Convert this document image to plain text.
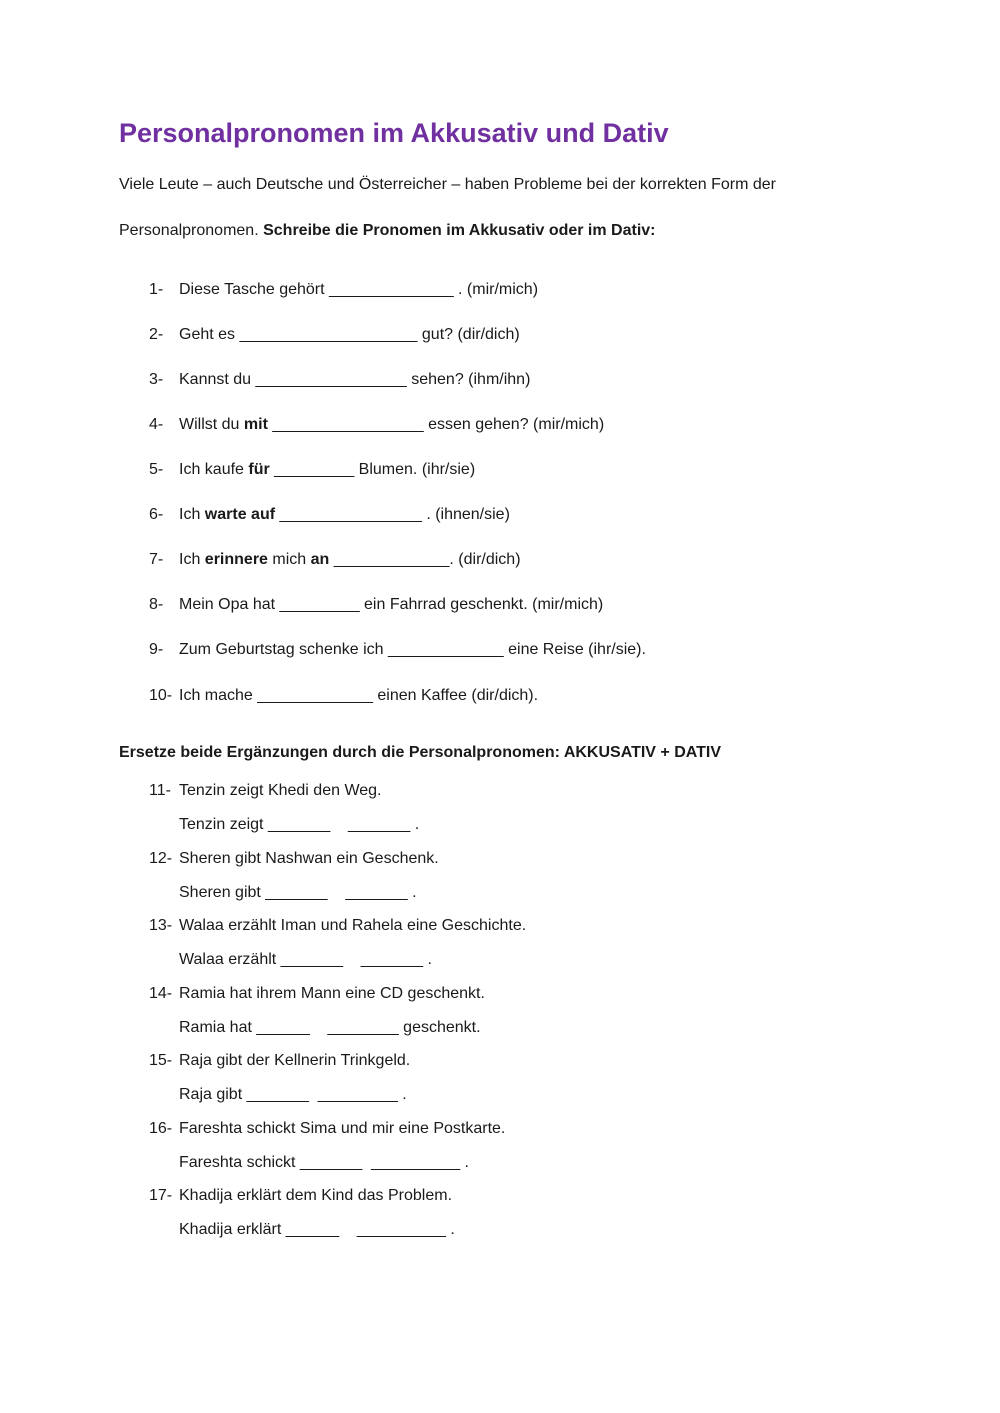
Personalpronomen im Akkusativ und Dativ
Viele Leute – auch Deutsche und Österreicher – haben Probleme bei der korrekten Form der
Personalpronomen. Schreibe die Pronomen im Akkusativ oder im Dativ:
1- Diese Tasche gehört ______________ . (mir/mich)
2- Geht es ____________________ gut? (dir/dich)
3- Kannst du _________________ sehen? (ihm/ihn)
4- Willst du mit _________________ essen gehen? (mir/mich)
5- Ich kaufe für _________ Blumen. (ihr/sie)
6- Ich warte auf ________________ . (ihnen/sie)
7- Ich erinnere mich an _____________. (dir/dich)
8- Mein Opa hat _________ ein Fahrrad geschenkt. (mir/mich)
9- Zum Geburtstag schenke ich _____________ eine Reise (ihr/sie).
10- Ich mache _____________ einen Kaffee (dir/dich).
Ersetze beide Ergänzungen durch die Personalpronomen: AKKUSATIV + DATIV
11- Tenzin zeigt Khedi den Weg.
Tenzin zeigt _______    _______ .
12- Sheren gibt Nashwan ein Geschenk.
Sheren gibt _______    _______ .
13- Walaa erzählt Iman und Rahela eine Geschichte.
Walaa erzählt _______    _______ .
14- Ramia hat ihrem Mann eine CD geschenkt.
Ramia hat ______    ________ geschenkt.
15- Raja gibt der Kellnerin Trinkgeld.
Raja gibt _______  _________ .
16- Fareshta schickt Sima und mir eine Postkarte.
Fareshta schickt _______  __________ .
17- Khadija erklärt dem Kind das Problem.
Khadija erklärt ______    __________ .
